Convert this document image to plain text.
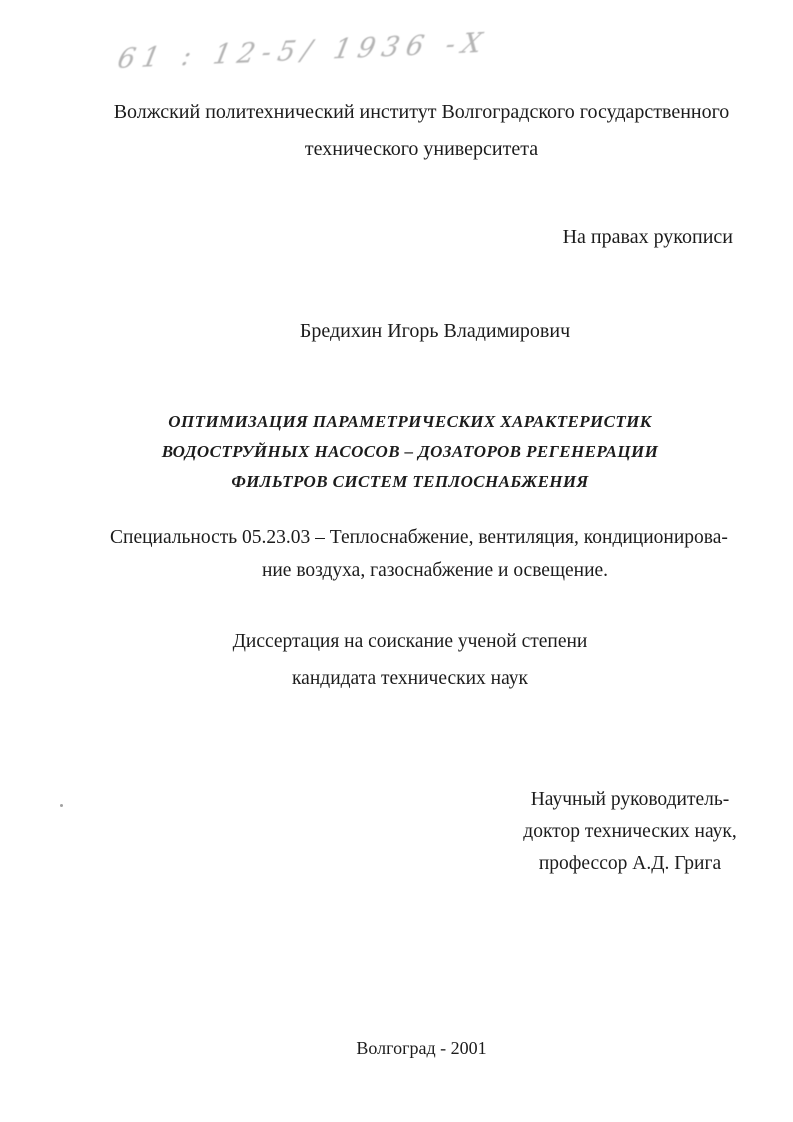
61 : 12-5/ 1936 -Х
Волжский политехнический институт Волгоградского государственного
технического университета
На правах рукописи
Бредихин Игорь Владимирович
ОПТИМИЗАЦИЯ ПАРАМЕТРИЧЕСКИХ ХАРАКТЕРИСТИК
ВОДОСТРУЙНЫХ НАСОСОВ – ДОЗАТОРОВ РЕГЕНЕРАЦИИ
ФИЛЬТРОВ СИСТЕМ ТЕПЛОСНАБЖЕНИЯ
Специальность 05.23.03 – Теплоснабжение, вентиляция, кондиционирова-
ние воздуха, газоснабжение и освещение.
Диссертация на соискание ученой степени
кандидата технических наук
Научный руководитель-
доктор технических наук,
профессор А.Д. Грига
Волгоград - 2001
